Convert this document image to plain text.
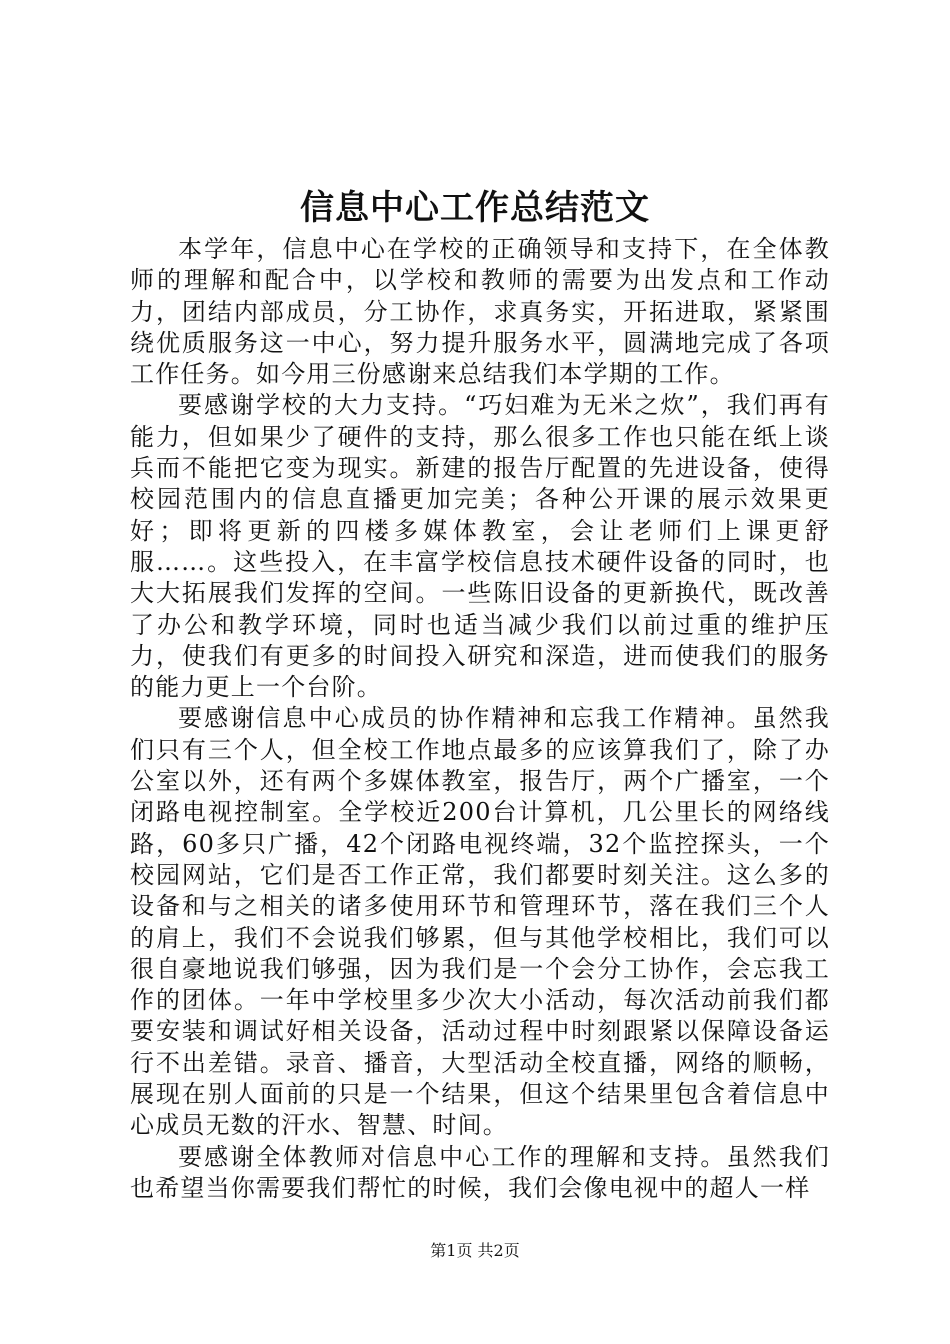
信息中心工作总结范文

本学年，信息中心在学校的正确领导和支持下，在全体教师的理解和配合中，以学校和教师的需要为出发点和工作动力，团结内部成员，分工协作，求真务实，开拓进取，紧紧围绕优质服务这一中心，努力提升服务水平，圆满地完成了各项工作任务。如今用三份感谢来总结我们本学期的工作。

要感谢学校的大力支持。“巧妇难为无米之炊”，我们再有能力，但如果少了硬件的支持，那么很多工作也只能在纸上谈兵而不能把它变为现实。新建的报告厅配置的先进设备，使得校园范围内的信息直播更加完美；各种公开课的展示效果更好；即将更新的四楼多媒体教室，会让老师们上课更舒服……。这些投入，在丰富学校信息技术硬件设备的同时，也大大拓展我们发挥的空间。一些陈旧设备的更新换代，既改善了办公和教学环境，同时也适当减少我们以前过重的维护压力，使我们有更多的时间投入研究和深造，进而使我们的服务的能力更上一个台阶。

要感谢信息中心成员的协作精神和忘我工作精神。虽然我们只有三个人，但全校工作地点最多的应该算我们了，除了办公室以外，还有两个多媒体教室，报告厅，两个广播室，一个闭路电视控制室。全学校近200台计算机，几公里长的网络线路，60多只广播，42个闭路电视终端，32个监控探头，一个校园网站，它们是否工作正常，我们都要时刻关注。这么多的设备和与之相关的诸多使用环节和管理环节，落在我们三个人的肩上，我们不会说我们够累，但与其他学校相比，我们可以很自豪地说我们够强，因为我们是一个会分工协作，会忘我工作的团体。一年中学校里多少次大小活动，每次活动前我们都要安装和调试好相关设备，活动过程中时刻跟紧以保障设备运行不出差错。录音、播音，大型活动全校直播，网络的顺畅，展现在别人面前的只是一个结果，但这个结果里包含着信息中心成员无数的汗水、智慧、时间。

要感谢全体教师对信息中心工作的理解和支持。虽然我们也希望当你需要我们帮忙的时候，我们会像电视中的超人一样

第1页 共2页
